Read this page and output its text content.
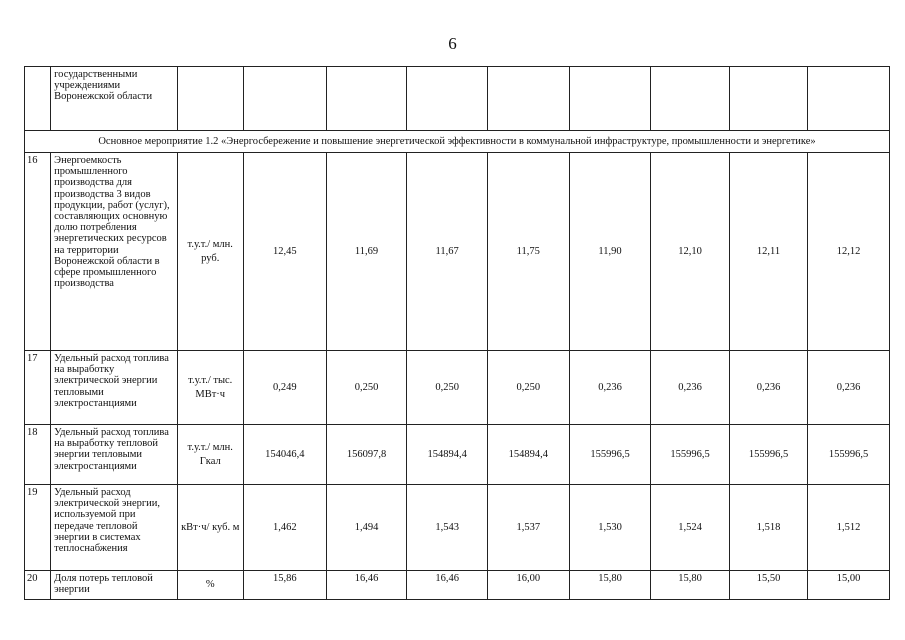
6
	государственными учреждениями Воронежской области									
Основное мероприятие 1.2 «Энергосбережение и повышение энергетической эффективности в коммунальной инфраструктуре, промышленности и энергетике»										
16	Энергоемкость промышленного производства для производства 3 видов продукции, работ (услуг), составляющих основную долю потребления энергетических ресурсов на территории Воронежской области в сфере промышленного производства	т.у.т./ млн. руб.	12,45	11,69	11,67	11,75	11,90	12,10	12,11	12,12
17	Удельный расход топлива на выработку электрической энергии тепловыми электростанциями	т.у.т./ тыс. МВт·ч	0,249	0,250	0,250	0,250	0,236	0,236	0,236	0,236
18	Удельный расход топлива на выработку тепловой энергии тепловыми электростанциями	т.у.т./ млн. Гкал	154046,4	156097,8	154894,4	154894,4	155996,5	155996,5	155996,5	155996,5
19	Удельный расход электрической энергии, используемой при передаче тепловой энергии в системах теплоснабжения	кВт·ч/ куб. м	1,462	1,494	1,543	1,537	1,530	1,524	1,518	1,512
20	Доля потерь тепловой энергии	%	15,86	16,46	16,46	16,00	15,80	15,80	15,50	15,00
